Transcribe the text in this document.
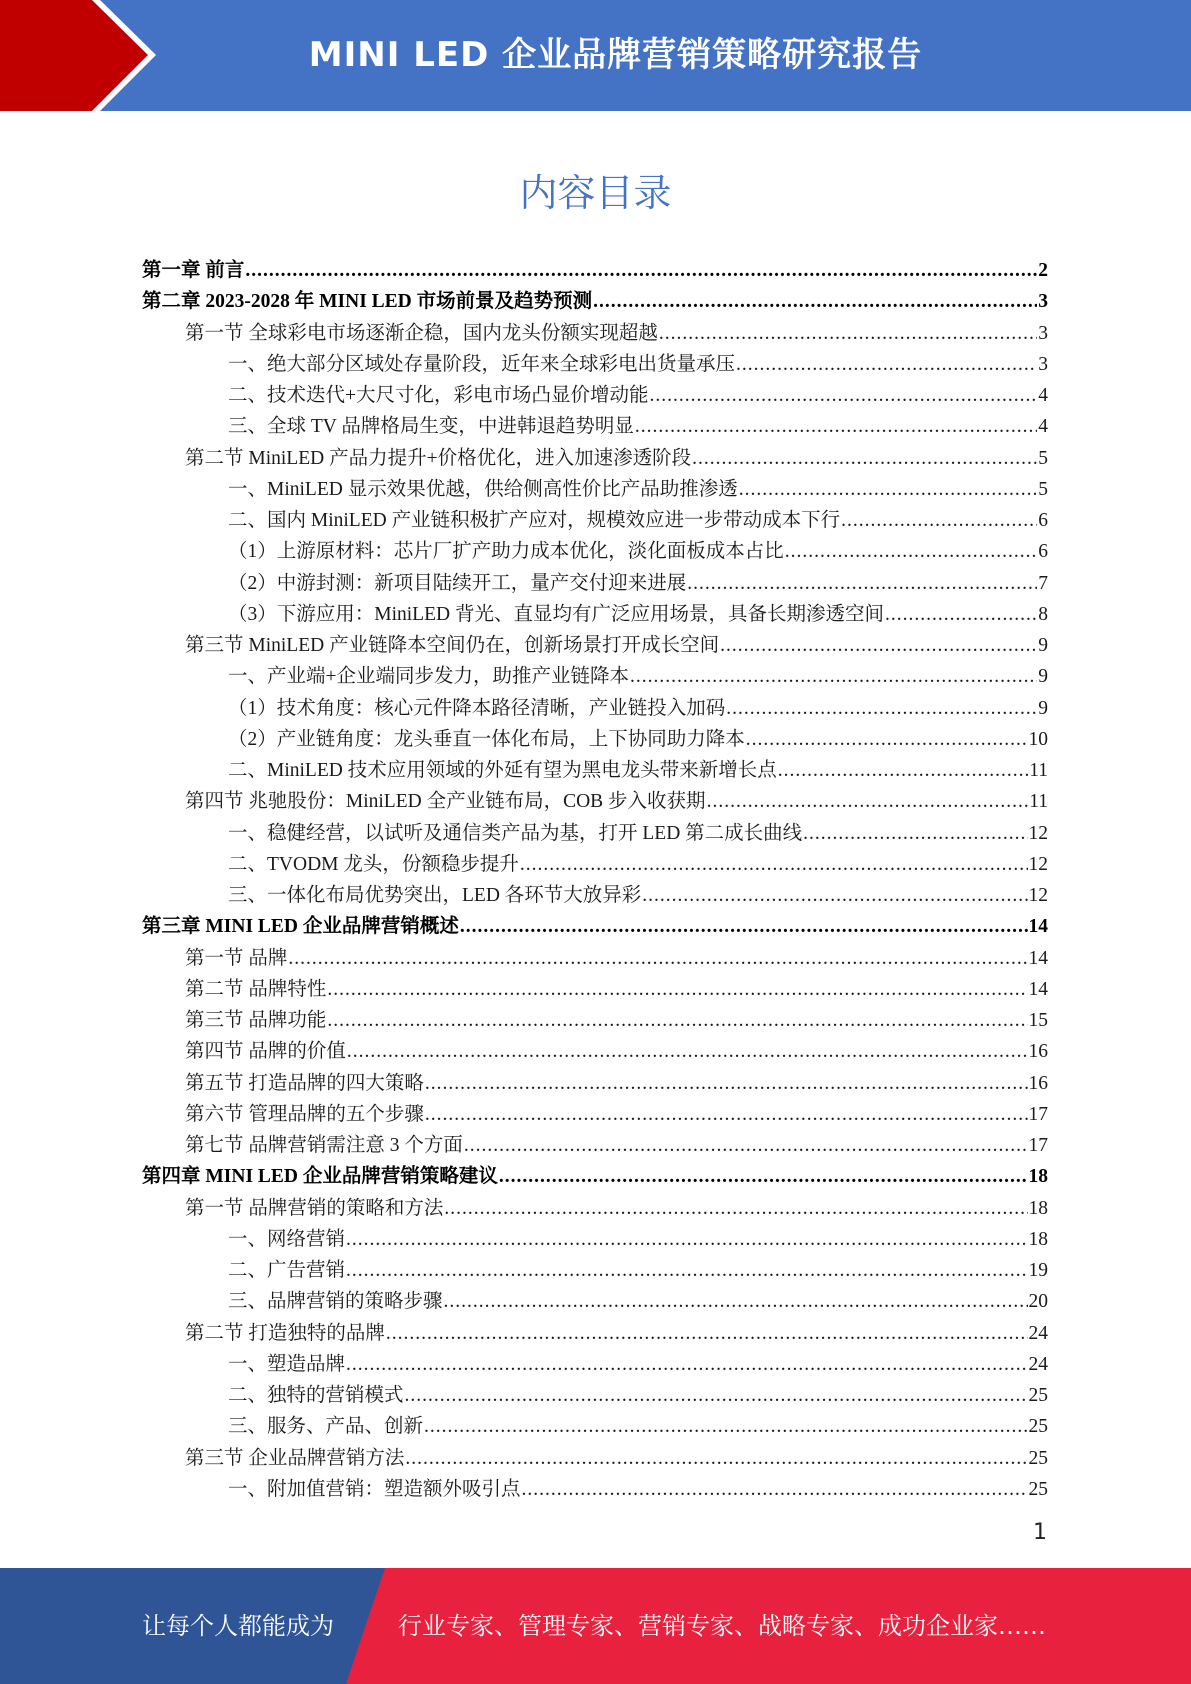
MINI LED 企业品牌营销策略研究报告
内容目录
第一章 前言 .....	2
第二章 2023-2028 年 MINI LED 市场前景及趋势预测 .....	3
第一节 全球彩电市场逐渐企稳，国内龙头份额实现超越 .....	3
一、绝大部分区域处存量阶段，近年来全球彩电出货量承压 .....	3
二、技术迭代+大尺寸化，彩电市场凸显价增动能 .....	4
三、全球 TV 品牌格局生变，中进韩退趋势明显 .....	4
第二节 MiniLED 产品力提升+价格优化，进入加速渗透阶段 .....	5
一、MiniLED 显示效果优越，供给侧高性价比产品助推渗透 .....	5
二、国内 MiniLED 产业链积极扩产应对，规模效应进一步带动成本下行 .....	6
（1）上游原材料：芯片厂扩产助力成本优化，淡化面板成本占比 .....	6
（2）中游封测：新项目陆续开工，量产交付迎来进展 .....	7
（3）下游应用：MiniLED 背光、直显均有广泛应用场景，具备长期渗透空间 .....	8
第三节 MiniLED 产业链降本空间仍在，创新场景打开成长空间 .....	9
一、产业端+企业端同步发力，助推产业链降本 .....	9
（1）技术角度：核心元件降本路径清晰，产业链投入加码 .....	9
（2）产业链角度：龙头垂直一体化布局，上下协同助力降本 .....	10
二、MiniLED 技术应用领域的外延有望为黑电龙头带来新增长点 .....	11
第四节 兆驰股份：MiniLED 全产业链布局，COB 步入收获期 .....	11
一、稳健经营，以试听及通信类产品为基，打开 LED 第二成长曲线 .....	12
二、TVODM 龙头，份额稳步提升 .....	12
三、一体化布局优势突出，LED 各环节大放异彩 .....	12
第三章 MINI LED 企业品牌营销概述 .....	14
第一节 品牌 .....	14
第二节 品牌特性 .....	14
第三节 品牌功能 .....	15
第四节 品牌的价值 .....	16
第五节 打造品牌的四大策略 .....	16
第六节 管理品牌的五个步骤 .....	17
第七节 品牌营销需注意 3 个方面 .....	17
第四章 MINI LED 企业品牌营销策略建议 .....	18
第一节 品牌营销的策略和方法 .....	18
一、网络营销 .....	18
二、广告营销 .....	19
三、品牌营销的策略步骤 .....	20
第二节 打造独特的品牌 .....	24
一、塑造品牌 .....	24
二、独特的营销模式 .....	25
三、服务、产品、创新 .....	25
第三节 企业品牌营销方法 .....	25
一、附加值营销：塑造额外吸引点 .....	25
1
让每个人都能成为	行业专家、管理专家、营销专家、战略专家、成功企业家……
